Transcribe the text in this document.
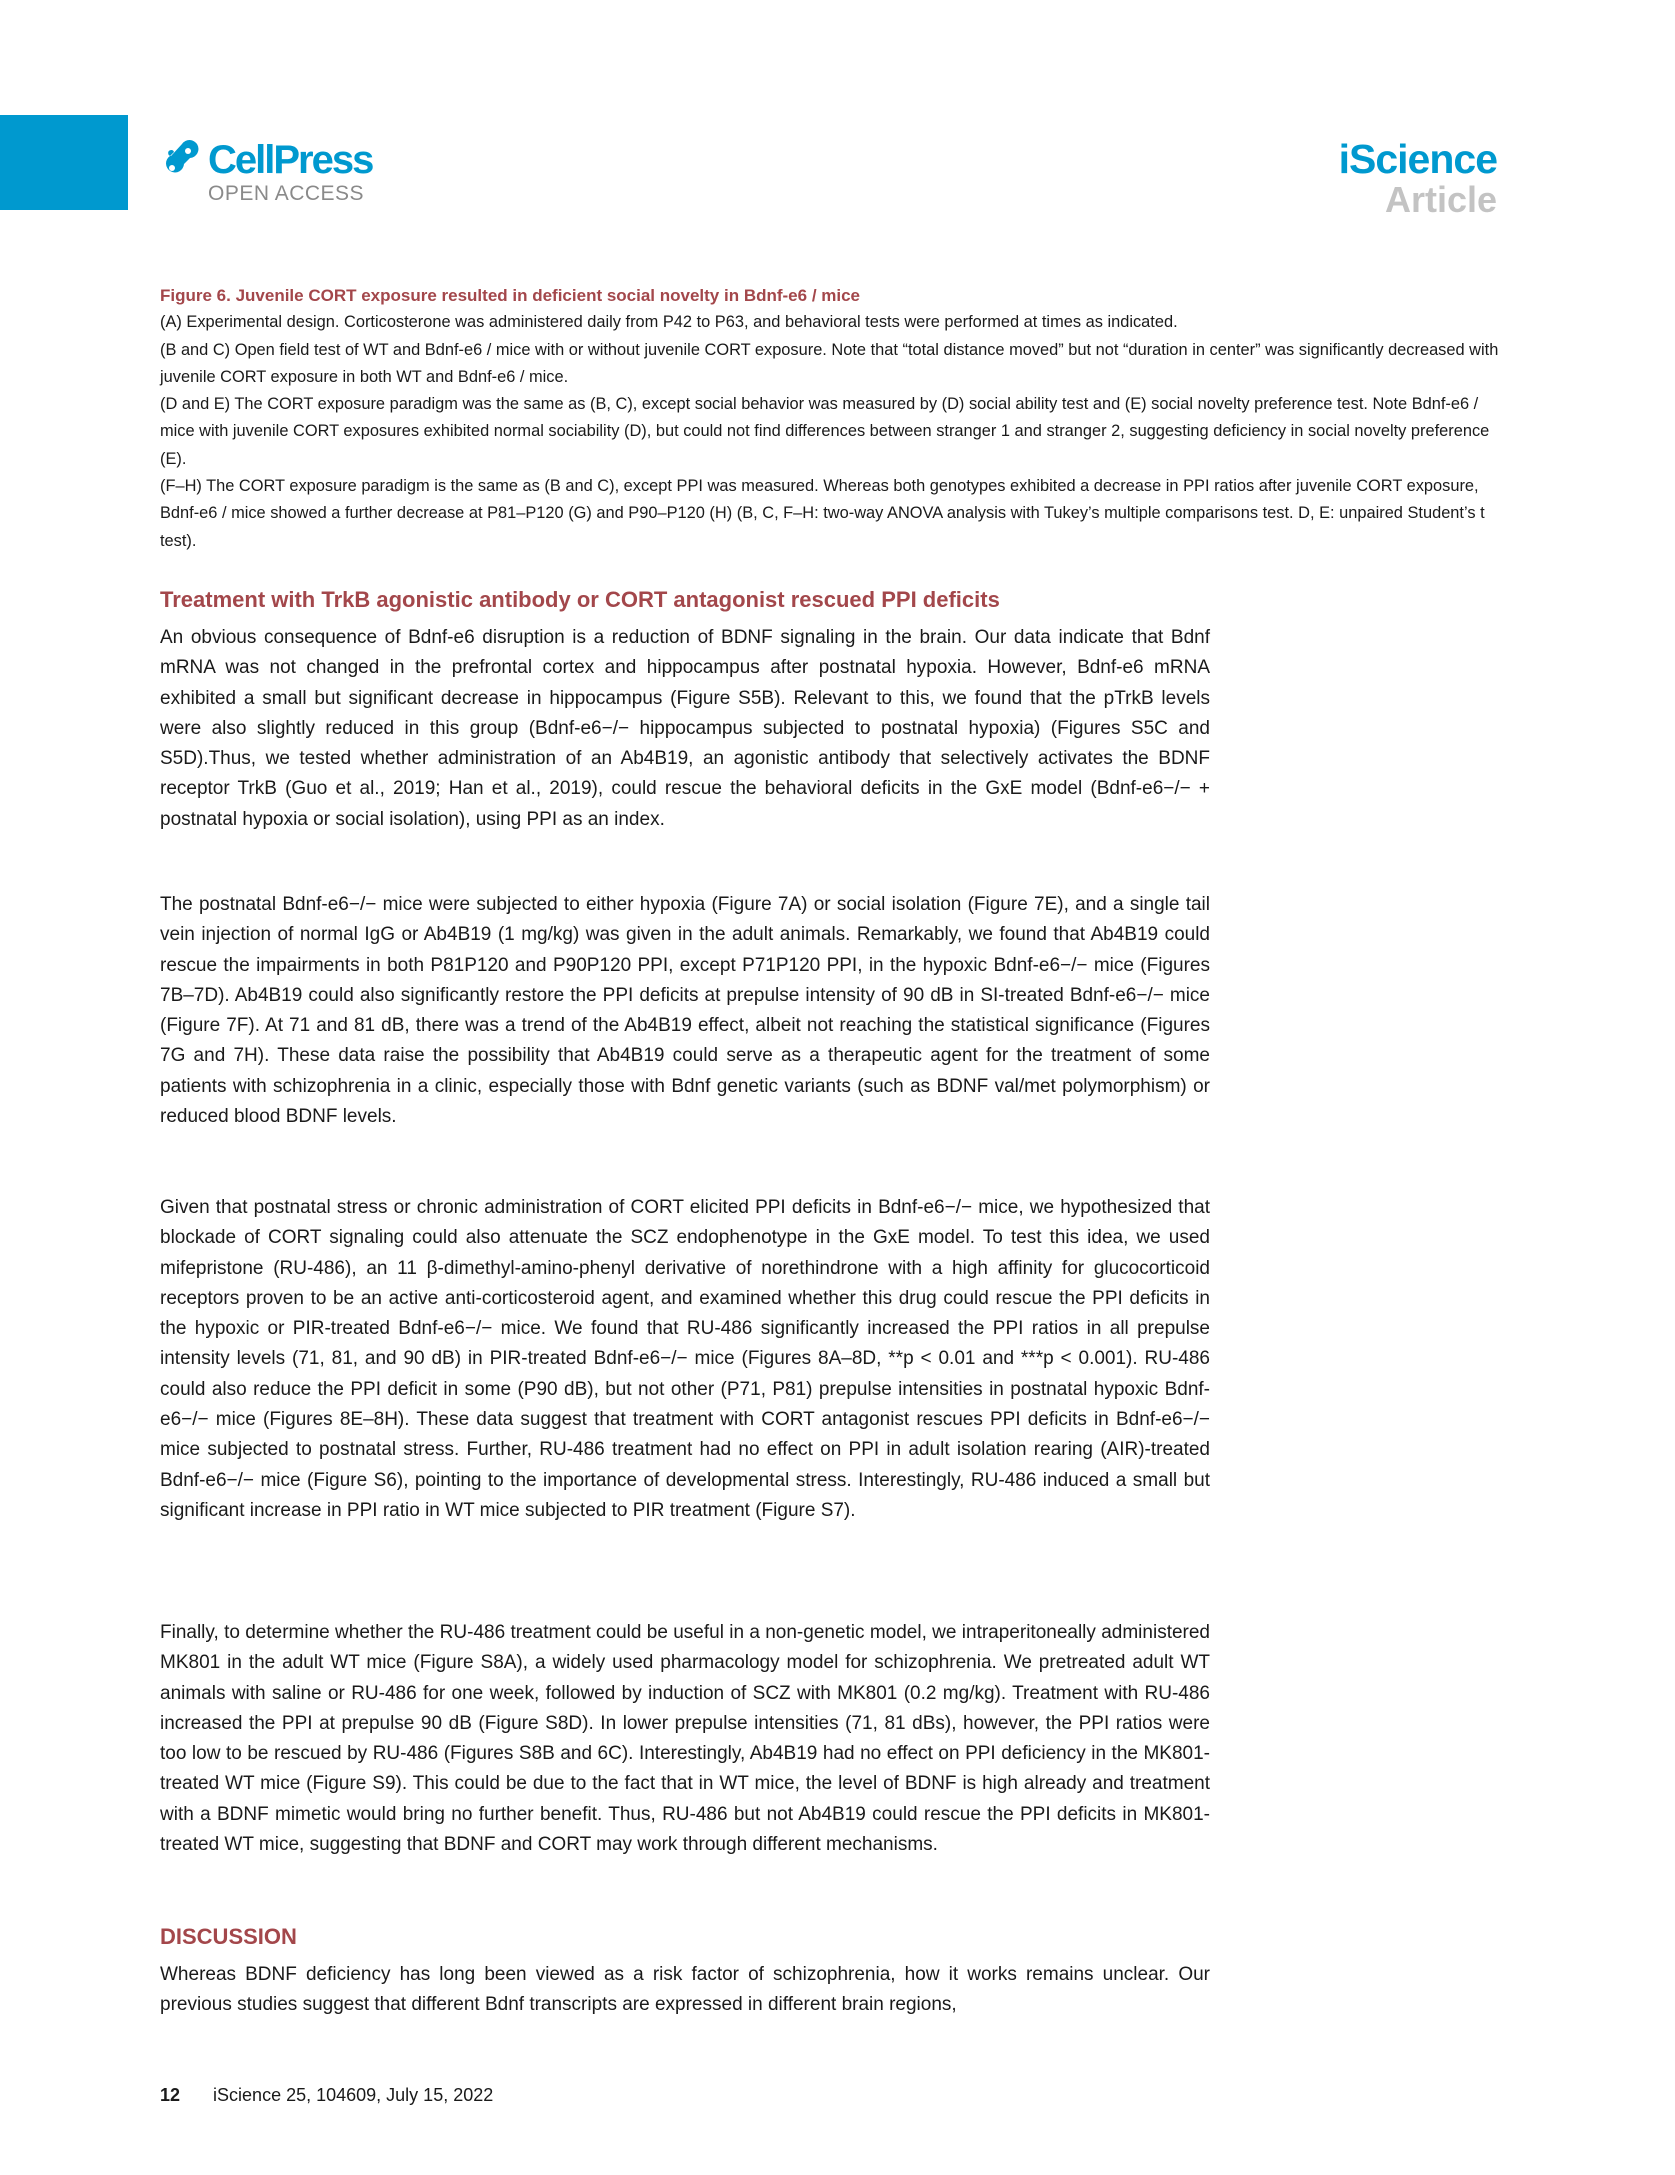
CellPress
OPEN ACCESS
iScience
Article

Figure 6. Juvenile CORT exposure resulted in deficient social novelty in Bdnf-e6 / mice

(A) Experimental design. Corticosterone was administered daily from P42 to P63, and behavioral tests were performed at times as indicated.

(B and C) Open field test of WT and Bdnf-e6 / mice with or without juvenile CORT exposure. Note that “total distance moved” but not “duration in center” was significantly decreased with juvenile CORT exposure in both WT and Bdnf-e6 / mice.

(D and E) The CORT exposure paradigm was the same as (B, C), except social behavior was measured by (D) social ability test and (E) social novelty preference test. Note Bdnf-e6 / mice with juvenile CORT exposures exhibited normal sociability (D), but could not find differences between stranger 1 and stranger 2, suggesting deficiency in social novelty preference (E).

(F–H) The CORT exposure paradigm is the same as (B and C), except PPI was measured. Whereas both genotypes exhibited a decrease in PPI ratios after juvenile CORT exposure, Bdnf-e6 / mice showed a further decrease at P81–P120 (G) and P90–P120 (H) (B, C, F–H: two-way ANOVA analysis with Tukey’s multiple comparisons test. D, E: unpaired Student’s t test).

Treatment with TrkB agonistic antibody or CORT antagonist rescued PPI deficits

An obvious consequence of Bdnf-e6 disruption is a reduction of BDNF signaling in the brain. Our data indicate that Bdnf mRNA was not changed in the prefrontal cortex and hippocampus after postnatal hypoxia. However, Bdnf-e6 mRNA exhibited a small but significant decrease in hippocampus (Figure S5B). Relevant to this, we found that the pTrkB levels were also slightly reduced in this group (Bdnf-e6−/− hippocampus subjected to postnatal hypoxia) (Figures S5C and S5D).Thus, we tested whether administration of an Ab4B19, an agonistic antibody that selectively activates the BDNF receptor TrkB (Guo et al., 2019; Han et al., 2019), could rescue the behavioral deficits in the GxE model (Bdnf-e6−/− + postnatal hypoxia or social isolation), using PPI as an index.

The postnatal Bdnf-e6−/− mice were subjected to either hypoxia (Figure 7A) or social isolation (Figure 7E), and a single tail vein injection of normal IgG or Ab4B19 (1 mg/kg) was given in the adult animals. Remarkably, we found that Ab4B19 could rescue the impairments in both P81P120 and P90P120 PPI, except P71P120 PPI, in the hypoxic Bdnf-e6−/− mice (Figures 7B–7D). Ab4B19 could also significantly restore the PPI deficits at prepulse intensity of 90 dB in SI-treated Bdnf-e6−/− mice (Figure 7F). At 71 and 81 dB, there was a trend of the Ab4B19 effect, albeit not reaching the statistical significance (Figures 7G and 7H). These data raise the possibility that Ab4B19 could serve as a therapeutic agent for the treatment of some patients with schizophrenia in a clinic, especially those with Bdnf genetic variants (such as BDNF val/met polymorphism) or reduced blood BDNF levels.

Given that postnatal stress or chronic administration of CORT elicited PPI deficits in Bdnf-e6−/− mice, we hypothesized that blockade of CORT signaling could also attenuate the SCZ endophenotype in the GxE model. To test this idea, we used mifepristone (RU-486), an 11 β-dimethyl-amino-phenyl derivative of norethindrone with a high affinity for glucocorticoid receptors proven to be an active anti-corticosteroid agent, and examined whether this drug could rescue the PPI deficits in the hypoxic or PIR-treated Bdnf-e6−/− mice. We found that RU-486 significantly increased the PPI ratios in all prepulse intensity levels (71, 81, and 90 dB) in PIR-treated Bdnf-e6−/− mice (Figures 8A–8D, **p < 0.01 and ***p < 0.001). RU-486 could also reduce the PPI deficit in some (P90 dB), but not other (P71, P81) prepulse intensities in postnatal hypoxic Bdnf-e6−/− mice (Figures 8E–8H). These data suggest that treatment with CORT antagonist rescues PPI deficits in Bdnf-e6−/− mice subjected to postnatal stress. Further, RU-486 treatment had no effect on PPI in adult isolation rearing (AIR)-treated Bdnf-e6−/− mice (Figure S6), pointing to the importance of developmental stress. Interestingly, RU-486 induced a small but significant increase in PPI ratio in WT mice subjected to PIR treatment (Figure S7).

Finally, to determine whether the RU-486 treatment could be useful in a non-genetic model, we intraperitoneally administered MK801 in the adult WT mice (Figure S8A), a widely used pharmacology model for schizophrenia. We pretreated adult WT animals with saline or RU-486 for one week, followed by induction of SCZ with MK801 (0.2 mg/kg). Treatment with RU-486 increased the PPI at prepulse 90 dB (Figure S8D). In lower prepulse intensities (71, 81 dBs), however, the PPI ratios were too low to be rescued by RU-486 (Figures S8B and 6C). Interestingly, Ab4B19 had no effect on PPI deficiency in the MK801-treated WT mice (Figure S9). This could be due to the fact that in WT mice, the level of BDNF is high already and treatment with a BDNF mimetic would bring no further benefit. Thus, RU-486 but not Ab4B19 could rescue the PPI deficits in MK801-treated WT mice, suggesting that BDNF and CORT may work through different mechanisms.

DISCUSSION

Whereas BDNF deficiency has long been viewed as a risk factor of schizophrenia, how it works remains unclear. Our previous studies suggest that different Bdnf transcripts are expressed in different brain regions,

12 iScience 25, 104609, July 15, 2022
